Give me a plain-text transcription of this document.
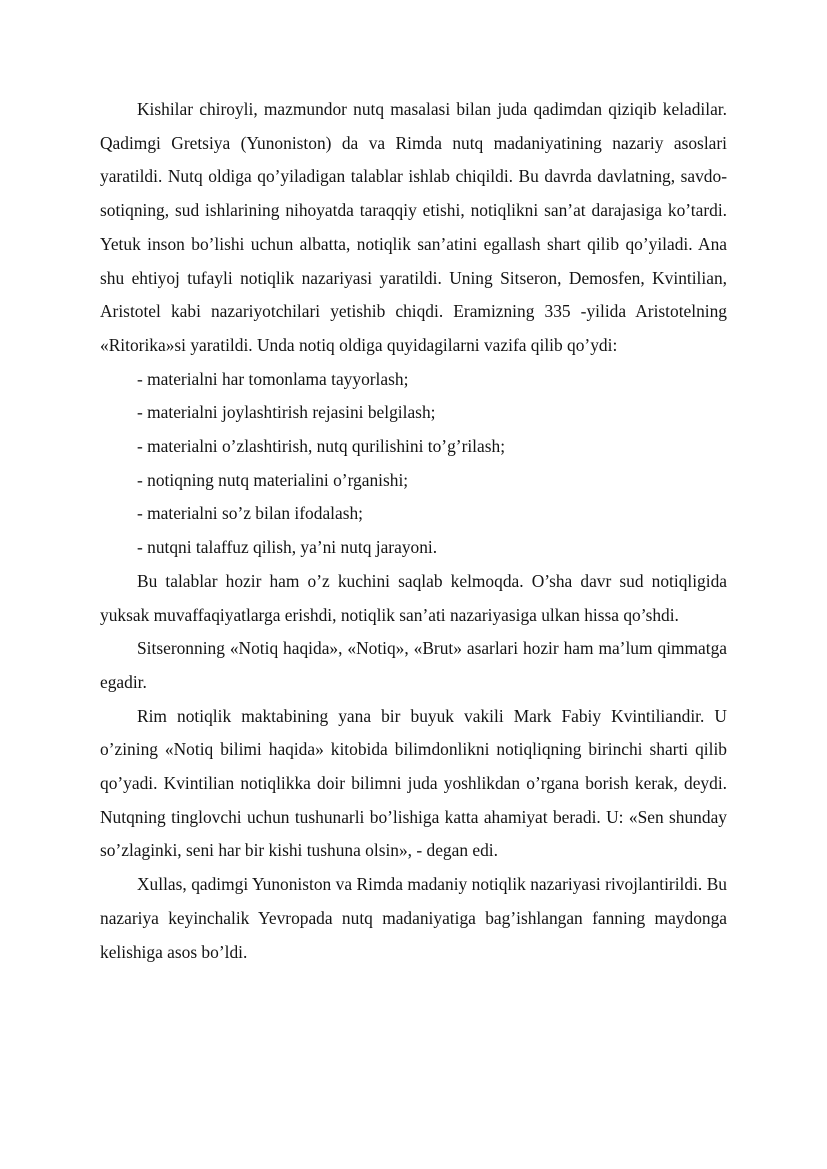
Kishilar chiroyli, mazmundor nutq masalasi bilan juda qadimdan qiziqib keladilar. Qadimgi Gretsiya (Yunoniston) da va Rimda nutq madaniyatining nazariy asoslari yaratildi. Nutq oldiga qo’yiladigan talablar ishlab chiqildi. Bu davrda davlatning, savdo-sotiqning, sud ishlarining nihoyatda taraqqiy etishi, notiqlikni san’at darajasiga ko’tardi. Yetuk inson bo’lishi uchun albatta, notiqlik san’atini egallash shart qilib qo’yiladi. Ana shu ehtiyoj tufayli notiqlik nazariyasi yaratildi. Uning Sitseron, Demosfen, Kvintilian, Aristotel kabi nazariyotchilari yetishib chiqdi. Eramizning 335 -yilida Aristotelning «Ritorika»si yaratildi. Unda notiq oldiga quyidagilarni vazifa qilib qo’ydi:

- materialni har tomonlama tayyorlash;
- materialni joylashtirish rejasini belgilash;
- materialni o’zlashtirish, nutq qurilishini to’g’rilash;
- notiqning nutq materialini o’rganishi;
- materialni so’z bilan ifodalash;
- nutqni talaffuz qilish, ya’ni nutq jarayoni.

Bu talablar hozir ham o’z kuchini saqlab kelmoqda. O’sha davr sud notiqligida yuksak muvaffaqiyatlarga erishdi, notiqlik san’ati nazariyasiga ulkan hissa qo’shdi.

Sitseronning «Notiq haqida», «Notiq», «Brut» asarlari hozir ham ma’lum qimmatga egadir.

Rim notiqlik maktabining yana bir buyuk vakili Mark Fabiy Kvintiliandir. U o’zining «Notiq bilimi haqida» kitobida bilimdonlikni notiqliqning birinchi sharti qilib qo’yadi. Kvintilian notiqlikka doir bilimni juda yoshlikdan o’rgana borish kerak, deydi. Nutqning tinglovchi uchun tushunarli bo’lishiga katta ahamiyat beradi. U: «Sen shunday so’zlaginki, seni har bir kishi tushuna olsin», - degan edi.

Xullas, qadimgi Yunoniston va Rimda madaniy notiqlik nazariyasi rivojlantirildi. Bu nazariya keyinchalik Yevropada nutq madaniyatiga bag’ishlangan fanning maydonga kelishiga asos bo’ldi.
